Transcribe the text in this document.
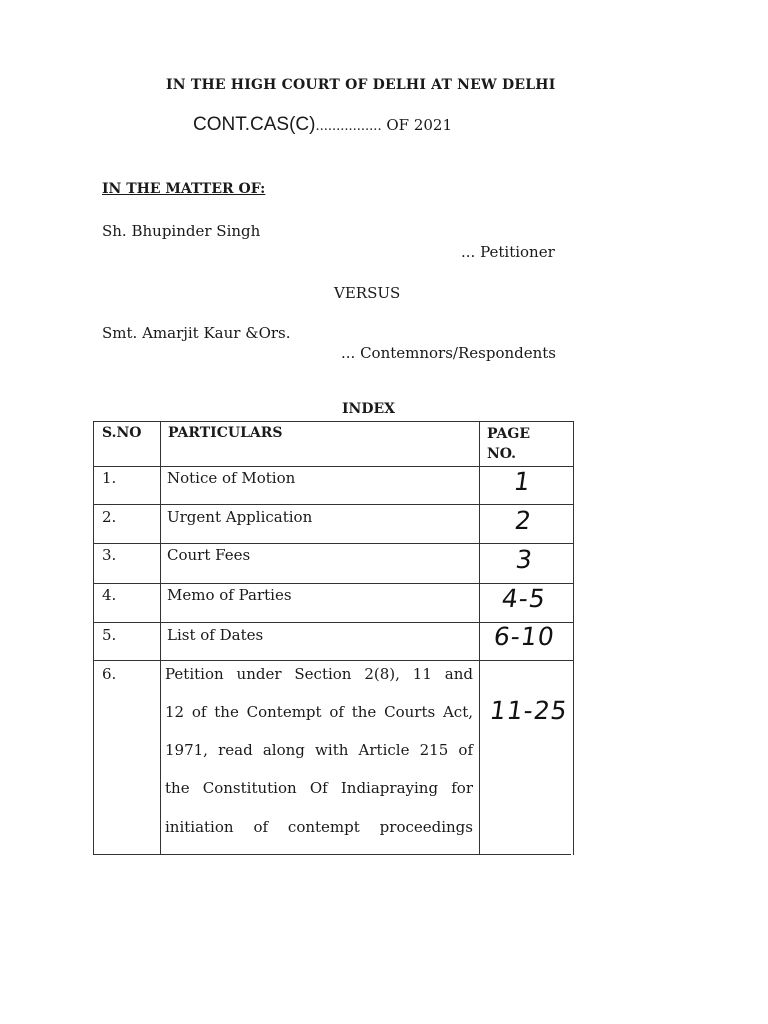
IN THE HIGH COURT OF DELHI AT NEW DELHI
CONT.CAS(C)................ OF 2021
IN THE MATTER OF:
Sh. Bhupinder Singh
... Petitioner
VERSUS
Smt. Amarjit Kaur &Ors.
... Contemnors/Respondents
INDEX
S.NO PARTICULARS	PAGE
NO.
1.	Notice of Motion	1
2.	Urgent Application	2
3.	Court Fees	3
4.	Memo of Parties	4-5
5.	List of Dates	6-10
6.	Petition under Section 2(8), 11 and
12 of the Contempt of the Courts Act,
1971, read along with Article 215 of
the Constitution Of Indiapraying for
initiation of contempt proceedings
11-25
